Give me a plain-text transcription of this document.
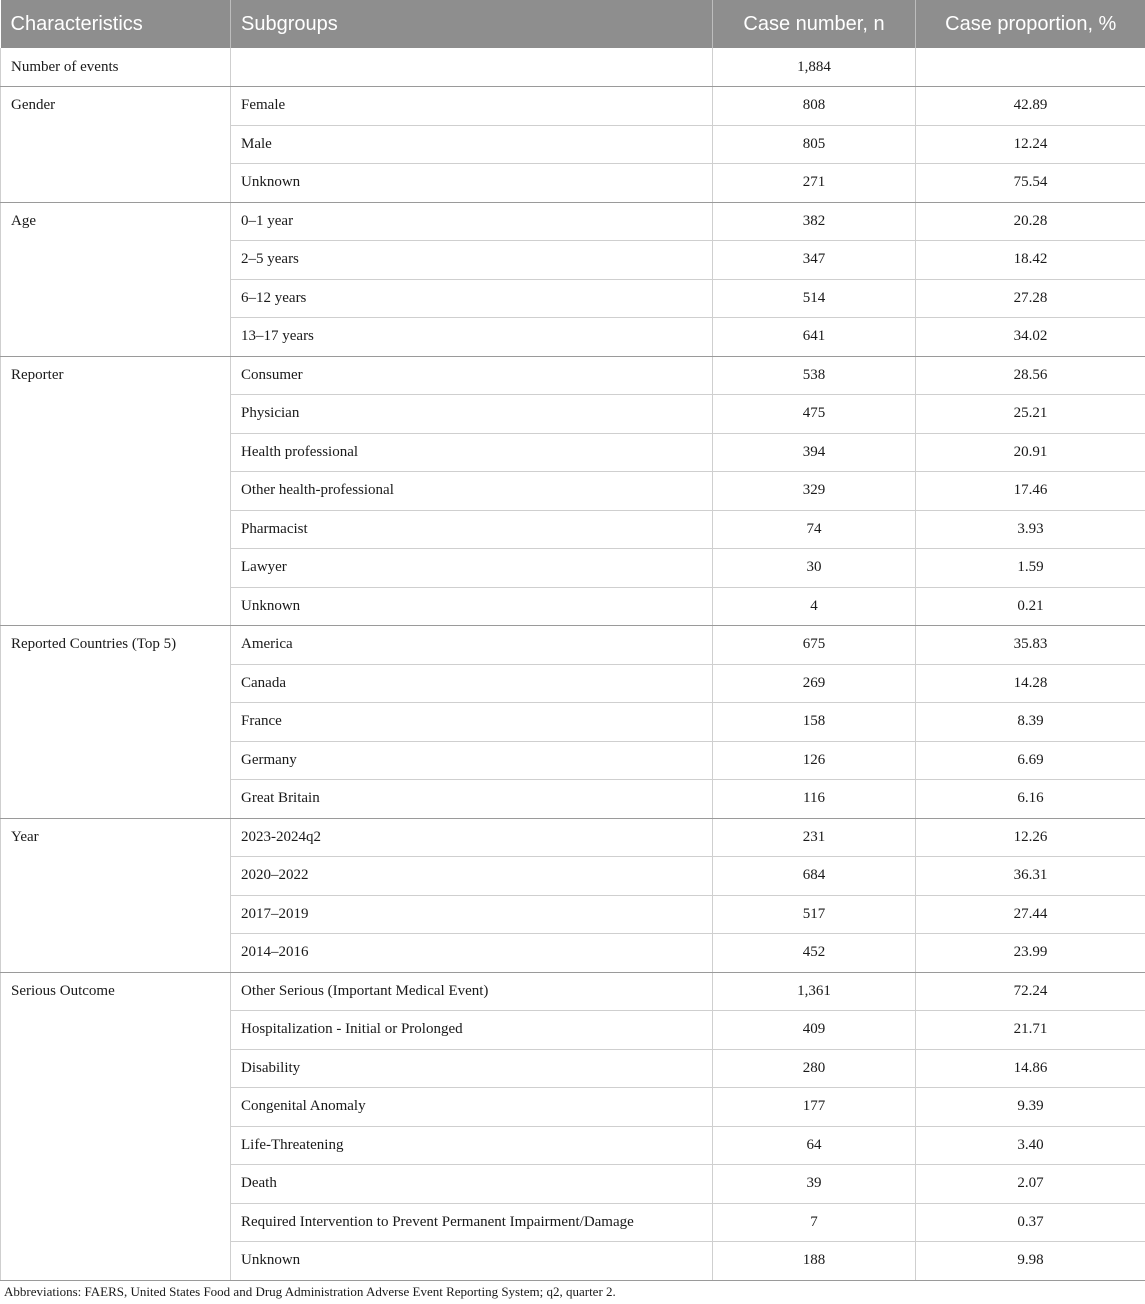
Characteristics	Subgroups	Case number, n	Case proportion, %
Number of events		1,884	
Gender	Female	808	42.89
	Male	805	12.24
	Unknown	271	75.54
Age	0–1 year	382	20.28
	2–5 years	347	18.42
	6–12 years	514	27.28
	13–17 years	641	34.02
Reporter	Consumer	538	28.56
	Physician	475	25.21
	Health professional	394	20.91
	Other health-professional	329	17.46
	Pharmacist	74	3.93
	Lawyer	30	1.59
	Unknown	4	0.21
Reported Countries (Top 5)	America	675	35.83
	Canada	269	14.28
	France	158	8.39
	Germany	126	6.69
	Great Britain	116	6.16
Year	2023-2024q2	231	12.26
	2020–2022	684	36.31
	2017–2019	517	27.44
	2014–2016	452	23.99
Serious Outcome	Other Serious (Important Medical Event)	1,361	72.24
	Hospitalization - Initial or Prolonged	409	21.71
	Disability	280	14.86
	Congenital Anomaly	177	9.39
	Life-Threatening	64	3.40
	Death	39	2.07
	Required Intervention to Prevent Permanent Impairment/Damage	7	0.37
	Unknown	188	9.98
Abbreviations: FAERS, United States Food and Drug Administration Adverse Event Reporting System; q2, quarter 2.
